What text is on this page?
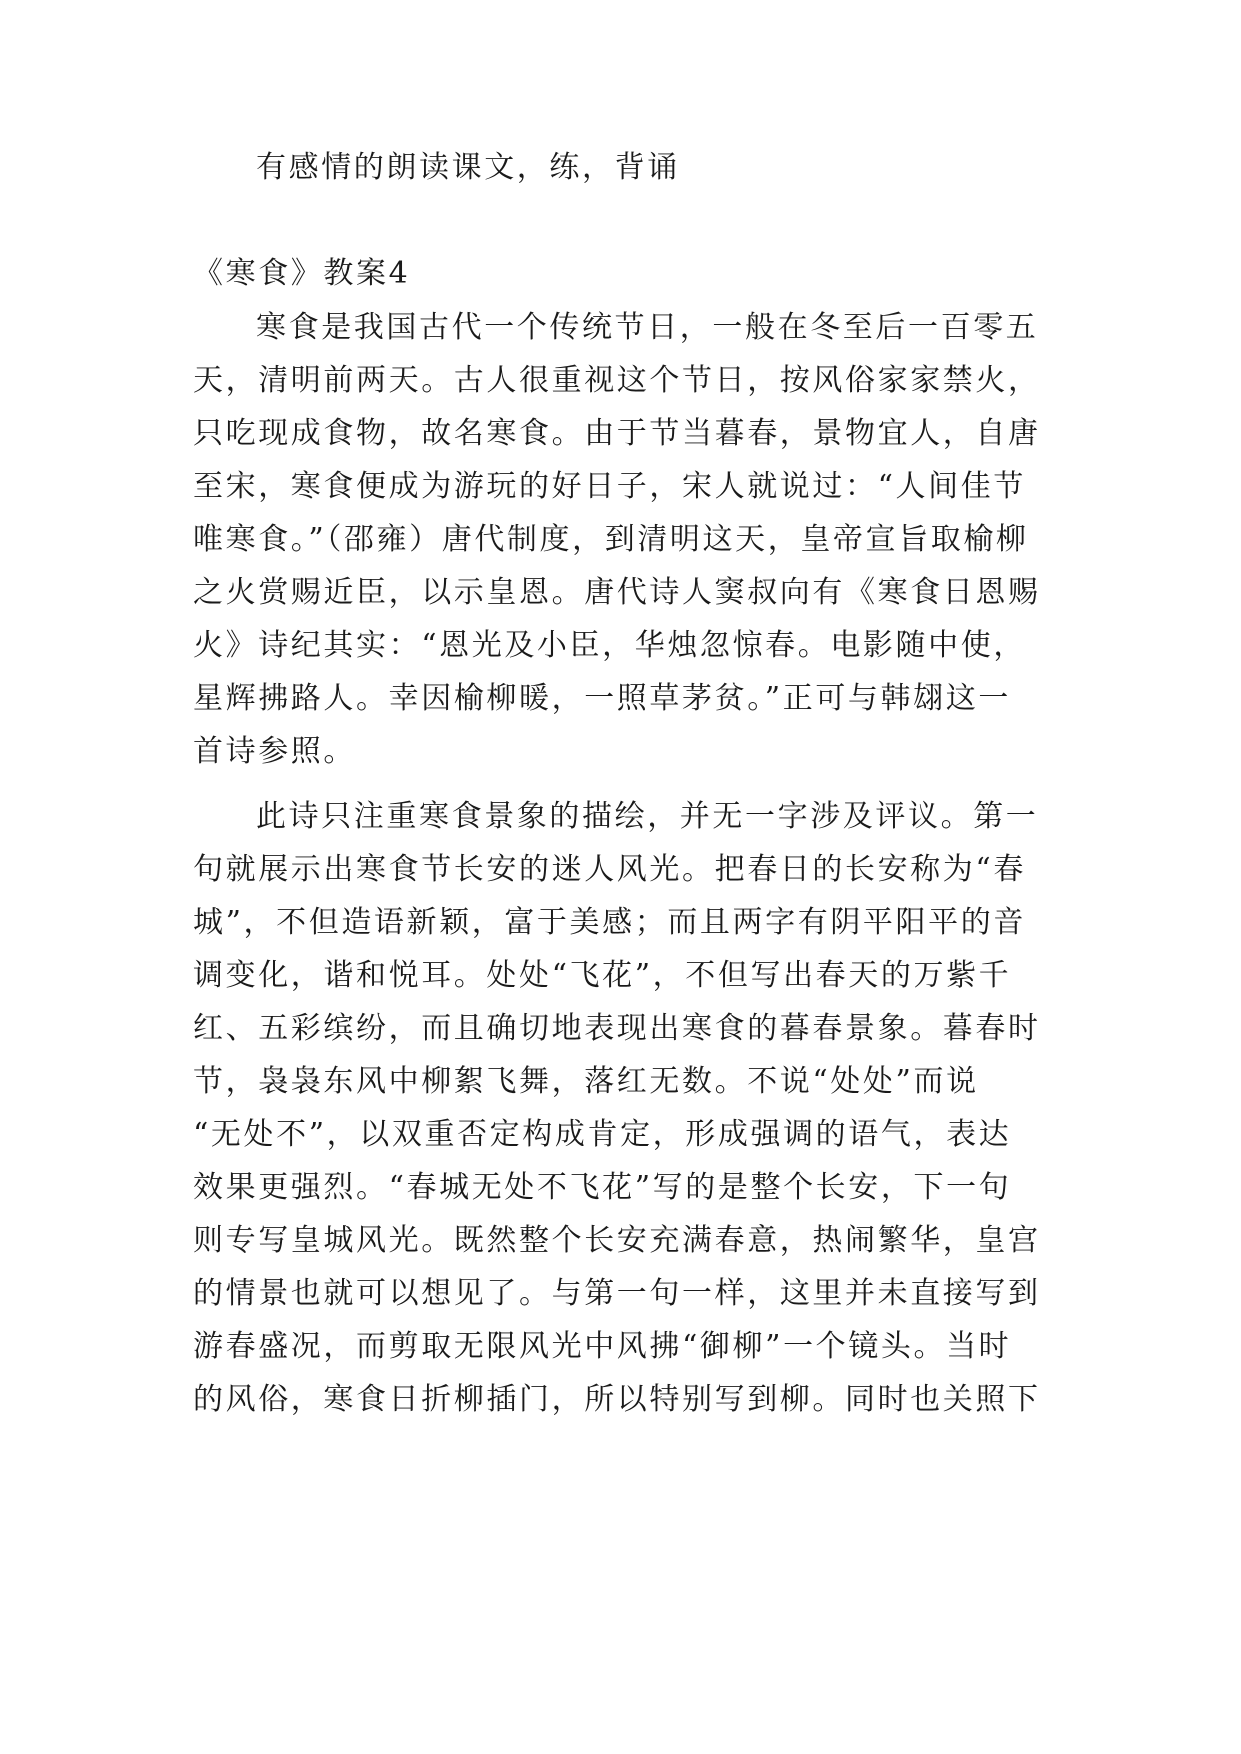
有感情的朗读课文，练，背诵
《寒食》教案4
寒食是我国古代一个传统节日，一般在冬至后一百零五
天，清明前两天。古人很重视这个节日，按风俗家家禁火，
只吃现成食物，故名寒食。由于节当暮春，景物宜人，自唐
至宋，寒食便成为游玩的好日子，宋人就说过：“人间佳节
唯寒食。”（邵雍）唐代制度，到清明这天，皇帝宣旨取榆柳
之火赏赐近臣，以示皇恩。唐代诗人窦叔向有《寒食日恩赐
火》诗纪其实：“恩光及小臣，华烛忽惊春。电影随中使，
星辉拂路人。幸因榆柳暖，一照草茅贫。”正可与韩翃这一
首诗参照。
此诗只注重寒食景象的描绘，并无一字涉及评议。第一
句就展示出寒食节长安的迷人风光。把春日的长安称为“春
城”，不但造语新颖，富于美感；而且两字有阴平阳平的音
调变化，谐和悦耳。处处“飞花”，不但写出春天的万紫千
红、五彩缤纷，而且确切地表现出寒食的暮春景象。暮春时
节，袅袅东风中柳絮飞舞，落红无数。不说“处处”而说
“无处不”，以双重否定构成肯定，形成强调的语气，表达
效果更强烈。“春城无处不飞花”写的是整个长安，下一句
则专写皇城风光。既然整个长安充满春意，热闹繁华，皇宫
的情景也就可以想见了。与第一句一样，这里并未直接写到
游春盛况，而剪取无限风光中风拂“御柳”一个镜头。当时
的风俗，寒食日折柳插门，所以特别写到柳。同时也关照下
